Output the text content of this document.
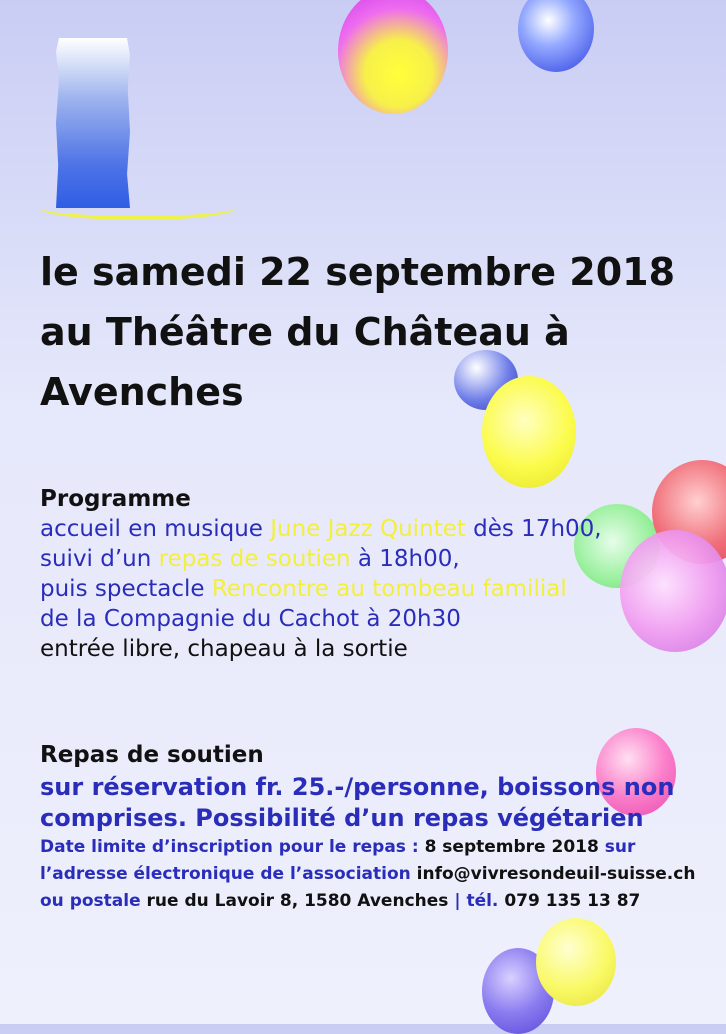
le samedi 22 septembre 2018
au Théâtre du Château à
Avenches
Programme
accueil en musique June Jazz Quintet dès 17h00,
suivi d’un repas de soutien à 18h00,
puis spectacle Rencontre au tombeau familial
de la Compagnie du Cachot à 20h30
entrée libre, chapeau à la sortie
Repas de soutien
sur réservation fr. 25.-/personne, boissons non
comprises. Possibilité d’un repas végétarien
Date limite d’inscription pour le repas : 8 septembre 2018 sur
l’adresse électronique de l’association info@vivresondeuil-suisse.ch
ou postale rue du Lavoir 8, 1580 Avenches | tél. 079 135 13 87
